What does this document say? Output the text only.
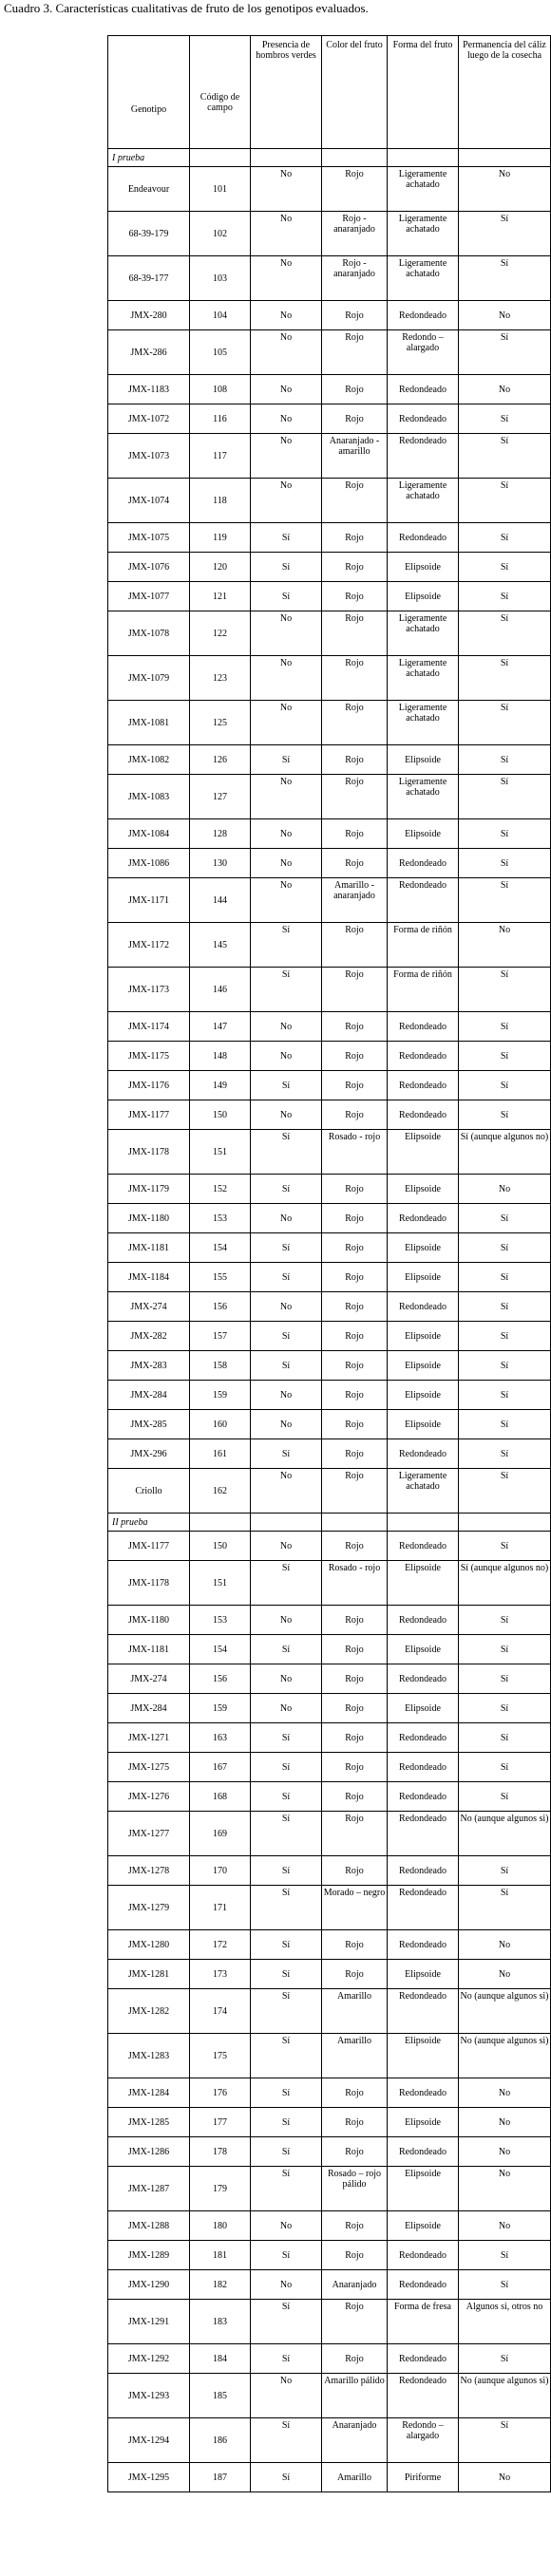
Cuadro 3. Características cualitativas de fruto de los genotipos evaluados.
Genotipo	Código de campo	Presencia de hombros verdes	Color del fruto	Forma del fruto	Permanencia del cáliz luego de la cosecha
I prueba					
Endeavour	101	No	Rojo	Ligeramente achatado	No
68-39-179	102	No	Rojo - anaranjado	Ligeramente achatado	Sí
68-39-177	103	No	Rojo - anaranjado	Ligeramente achatado	Sí
JMX-280	104	No	Rojo	Redondeado	No
JMX-286	105	No	Rojo	Redondo – alargado	Sí
JMX-1183	108	No	Rojo	Redondeado	No
JMX-1072	116	No	Rojo	Redondeado	Sí
JMX-1073	117	No	Anaranjado - amarillo	Redondeado	Sí
JMX-1074	118	No	Rojo	Ligeramente achatado	Sí
JMX-1075	119	Sí	Rojo	Redondeado	Sí
JMX-1076	120	Sí	Rojo	Elipsoide	Sí
JMX-1077	121	Sí	Rojo	Elipsoide	Sí
JMX-1078	122	No	Rojo	Ligeramente achatado	Sí
JMX-1079	123	No	Rojo	Ligeramente achatado	Sí
JMX-1081	125	No	Rojo	Ligeramente achatado	Sí
JMX-1082	126	Sí	Rojo	Elipsoide	Sí
JMX-1083	127	No	Rojo	Ligeramente achatado	Sí
JMX-1084	128	No	Rojo	Elipsoide	Sí
JMX-1086	130	No	Rojo	Redondeado	Sí
JMX-1171	144	No	Amarillo - anaranjado	Redondeado	Sí
JMX-1172	145	Sí	Rojo	Forma de riñón	No
JMX-1173	146	Sí	Rojo	Forma de riñón	Sí
JMX-1174	147	No	Rojo	Redondeado	Sí
JMX-1175	148	No	Rojo	Redondeado	Sí
JMX-1176	149	Sí	Rojo	Redondeado	Sí
JMX-1177	150	No	Rojo	Redondeado	Sí
JMX-1178	151	Sí	Rosado - rojo	Elipsoide	Sí (aunque algunos no)
JMX-1179	152	Sí	Rojo	Elipsoide	No
JMX-1180	153	No	Rojo	Redondeado	Sí
JMX-1181	154	Sí	Rojo	Elipsoide	Sí
JMX-1184	155	Sí	Rojo	Elipsoide	Sí
JMX-274	156	No	Rojo	Redondeado	Sí
JMX-282	157	Sí	Rojo	Elipsoide	Sí
JMX-283	158	Sí	Rojo	Elipsoide	Sí
JMX-284	159	No	Rojo	Elipsoide	Sí
JMX-285	160	No	Rojo	Elipsoide	Sí
JMX-296	161	Sí	Rojo	Redondeado	Sí
Criollo	162	No	Rojo	Ligeramente achatado	Sí
II prueba					
JMX-1177	150	No	Rojo	Redondeado	Sí
JMX-1178	151	Sí	Rosado - rojo	Elipsoide	Sí (aunque algunos no)
JMX-1180	153	No	Rojo	Redondeado	Sí
JMX-1181	154	Sí	Rojo	Elipsoide	Sí
JMX-274	156	No	Rojo	Redondeado	Sí
JMX-284	159	No	Rojo	Elipsoide	Sí
JMX-1271	163	Sí	Rojo	Redondeado	Sí
JMX-1275	167	Sí	Rojo	Redondeado	Sí
JMX-1276	168	Sí	Rojo	Redondeado	Sí
JMX-1277	169	Sí	Rojo	Redondeado	No (aunque algunos si)
JMX-1278	170	Sí	Rojo	Redondeado	Sí
JMX-1279	171	Sí	Morado – negro	Redondeado	Sí
JMX-1280	172	Sí	Rojo	Redondeado	No
JMX-1281	173	Sí	Rojo	Elipsoide	No
JMX-1282	174	Sí	Amarillo	Redondeado	No (aunque algunos si)
JMX-1283	175	Sí	Amarillo	Elipsoide	No (aunque algunos si)
JMX-1284	176	Sí	Rojo	Redondeado	No
JMX-1285	177	Sí	Rojo	Elipsoide	No
JMX-1286	178	Sí	Rojo	Redondeado	No
JMX-1287	179	Sí	Rosado – rojo pálido	Elipsoide	No
JMX-1288	180	No	Rojo	Elipsoide	No
JMX-1289	181	Sí	Rojo	Redondeado	Sí
JMX-1290	182	No	Anaranjado	Redondeado	Sí
JMX-1291	183	Sí	Rojo	Forma de fresa	Algunos si, otros no
JMX-1292	184	Sí	Rojo	Redondeado	Sí
JMX-1293	185	No	Amarillo pálido	Redondeado	No (aunque algunos si)
JMX-1294	186	Sí	Anaranjado	Redondo – alargado	Sí
JMX-1295	187	Sí	Amarillo	Piriforme	No
